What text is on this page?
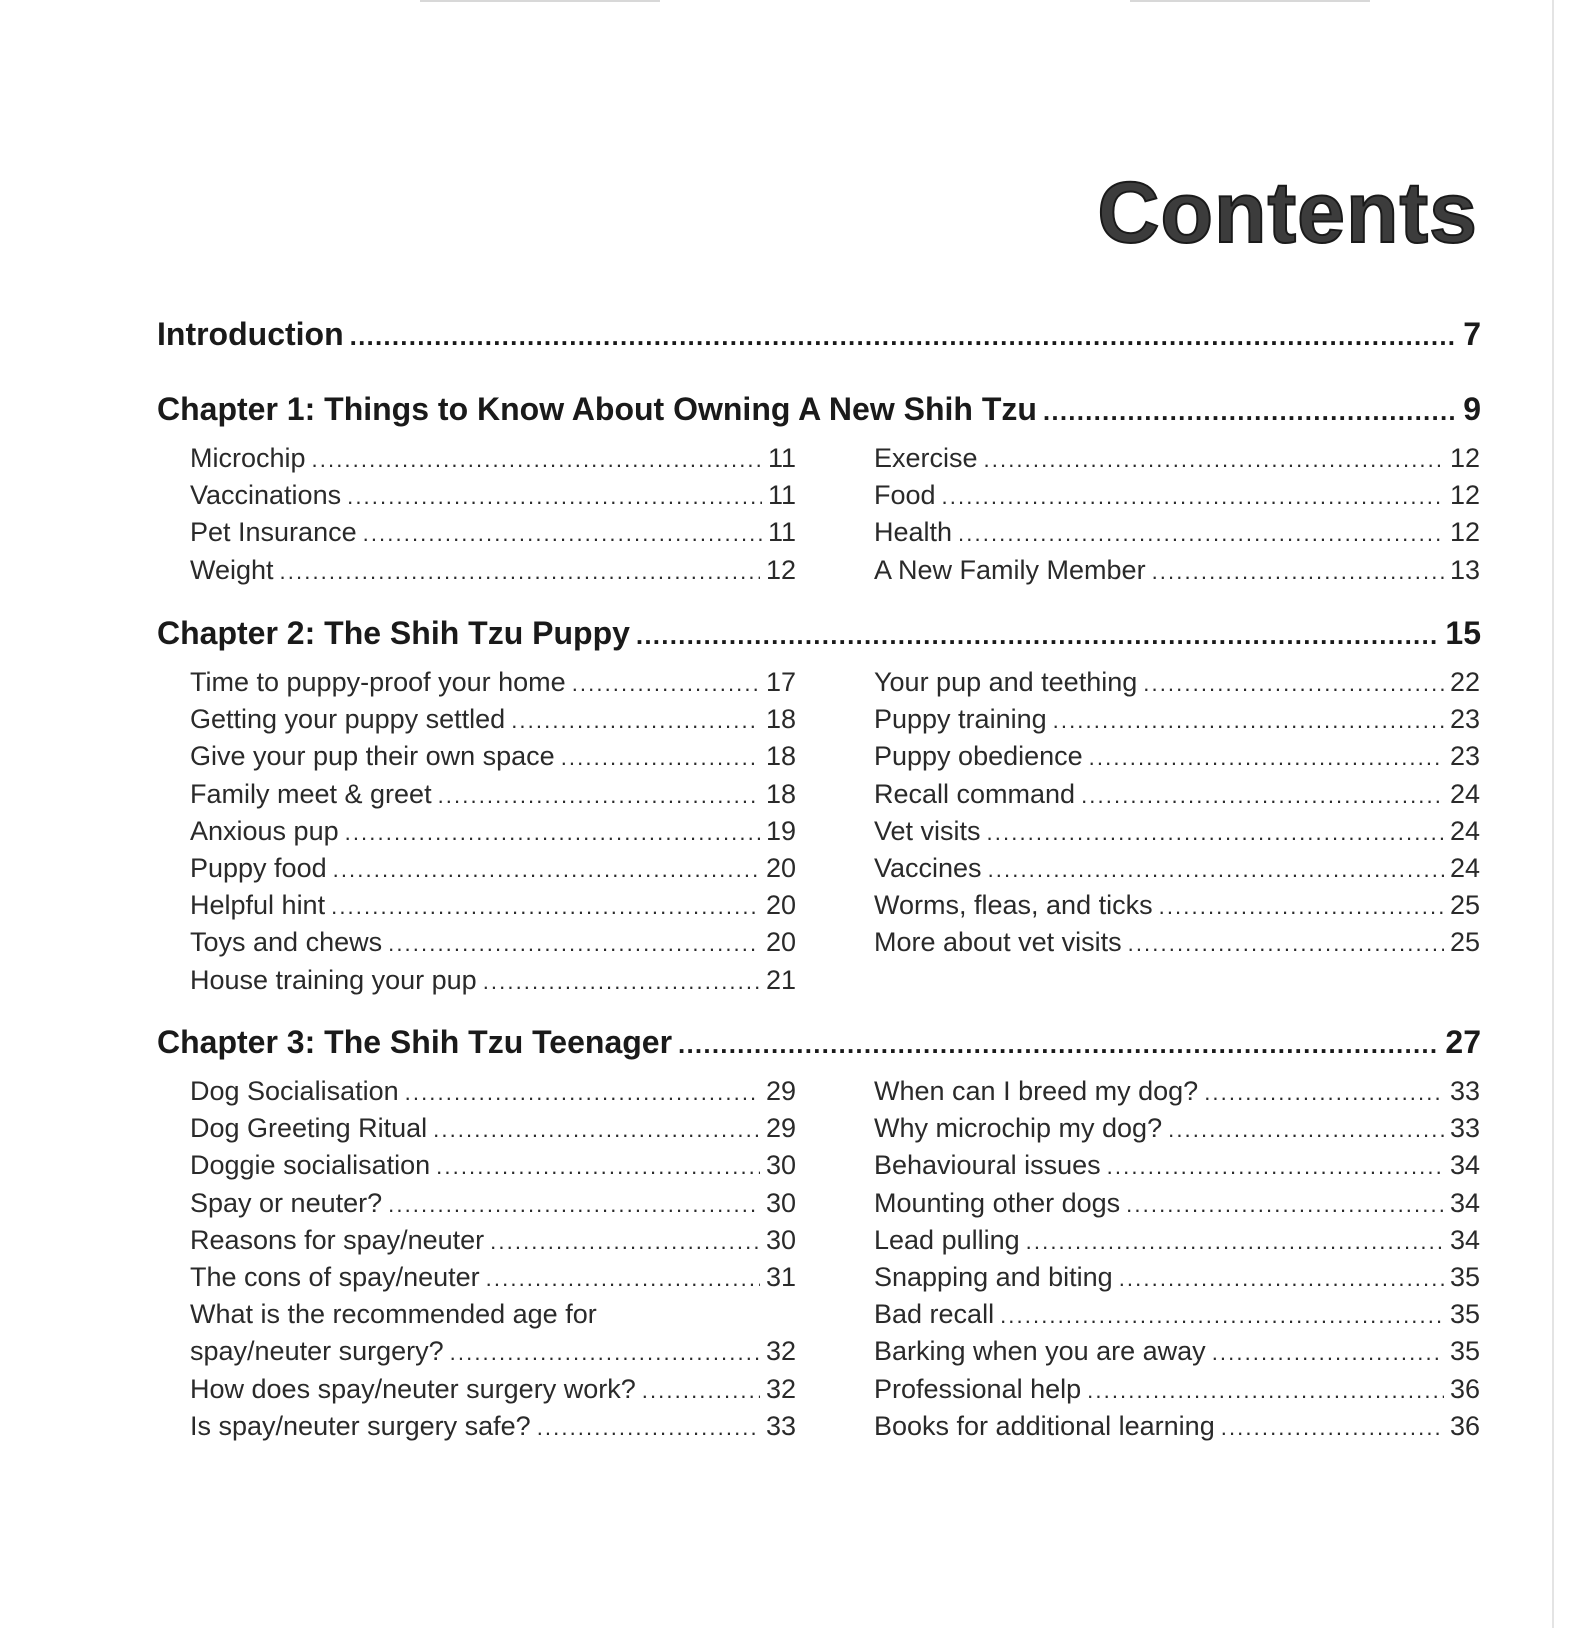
Contents
Introduction . . .	7
Chapter 1: Things to Know About Owning A New Shih Tzu . . .	9
Microchip . . .	11
Vaccinations . . .	11
Pet Insurance . . .	11
Weight . . .	12
Exercise . . .	12
Food . . .	12
Health . . .	12
A New Family Member . . .	13
Chapter 2: The Shih Tzu Puppy . . .	15
Time to puppy-proof your home . . .	17
Getting your puppy settled . . .	18
Give your pup their own space . . .	18
Family meet & greet . . .	18
Anxious pup . . .	19
Puppy food . . .	20
Helpful hint . . .	20
Toys and chews . . .	20
House training your pup . . .	21
Your pup and teething . . .	22
Puppy training . . .	23
Puppy obedience . . .	23
Recall command . . .	24
Vet visits . . .	24
Vaccines . . .	24
Worms, fleas, and ticks . . .	25
More about vet visits . . .	25
Chapter 3: The Shih Tzu Teenager . . .	27
Dog Socialisation . . .	29
Dog Greeting Ritual . . .	29
Doggie socialisation . . .	30
Spay or neuter? . . .	30
Reasons for spay/neuter . . .	30
The cons of spay/neuter . . .	31
What is the recommended age for
spay/neuter surgery? . . .	32
How does spay/neuter surgery work? . . .	32
Is spay/neuter surgery safe? . . .	33
When can I breed my dog? . . .	33
Why microchip my dog? . . .	33
Behavioural issues . . .	34
Mounting other dogs . . .	34
Lead pulling . . .	34
Snapping and biting . . .	35
Bad recall . . .	35
Barking when you are away . . .	35
Professional help . . .	36
Books for additional learning . . .	36
